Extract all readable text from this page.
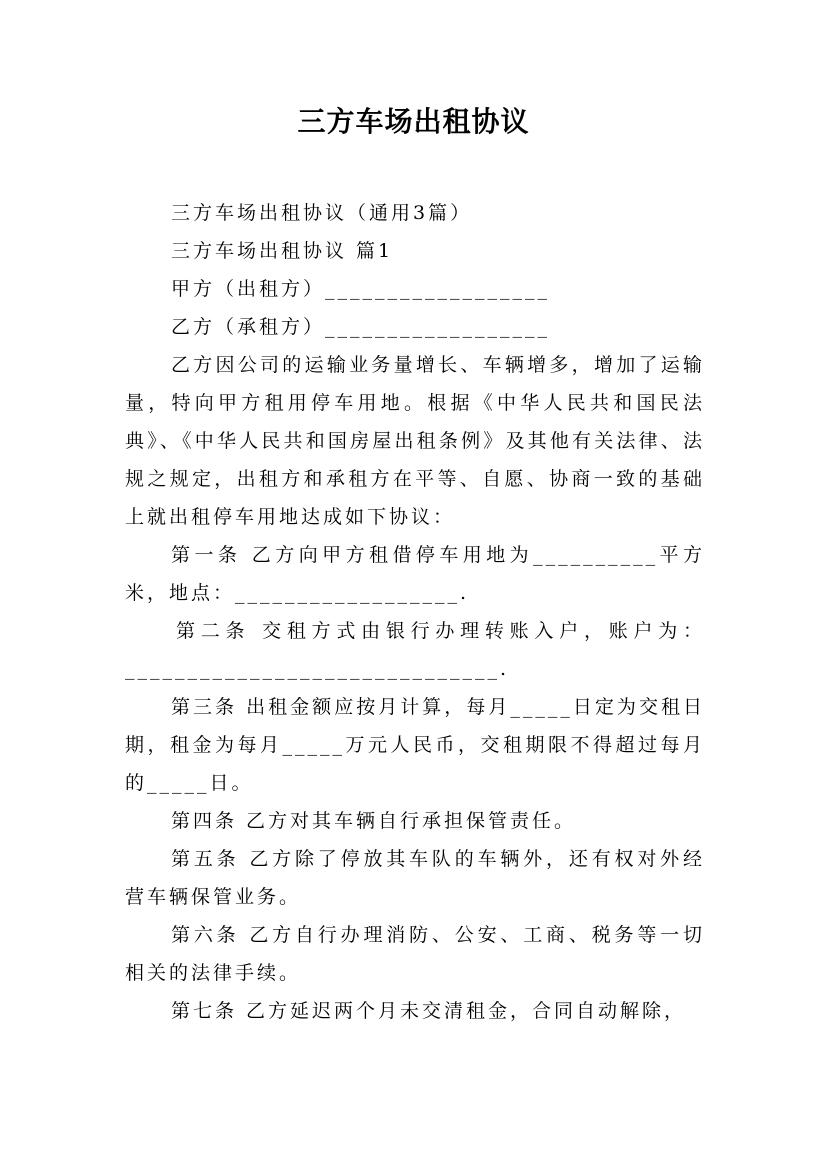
三方车场出租协议

三方车场出租协议（通用3篇）

三方车场出租协议 篇1

甲方（出租方）__________________

乙方（承租方）__________________

乙方因公司的运输业务量增长、车辆增多，增加了运输量，特向甲方租用停车用地。根据《中华人民共和国民法典》、《中华人民共和国房屋出租条例》及其他有关法律、法规之规定，出租方和承租方在平等、自愿、协商一致的基础上就出租停车用地达成如下协议：

第一条 乙方向甲方租借停车用地为__________平方米，地点：__________________.

第二条 交租方式由银行办理转账入户，账户为：______________________________.

第三条 出租金额应按月计算，每月_____日定为交租日期，租金为每月_____万元人民币，交租期限不得超过每月的_____日。

第四条 乙方对其车辆自行承担保管责任。

第五条 乙方除了停放其车队的车辆外，还有权对外经营车辆保管业务。

第六条 乙方自行办理消防、公安、工商、税务等一切相关的法律手续。

第七条 乙方延迟两个月未交清租金，合同自动解除，
